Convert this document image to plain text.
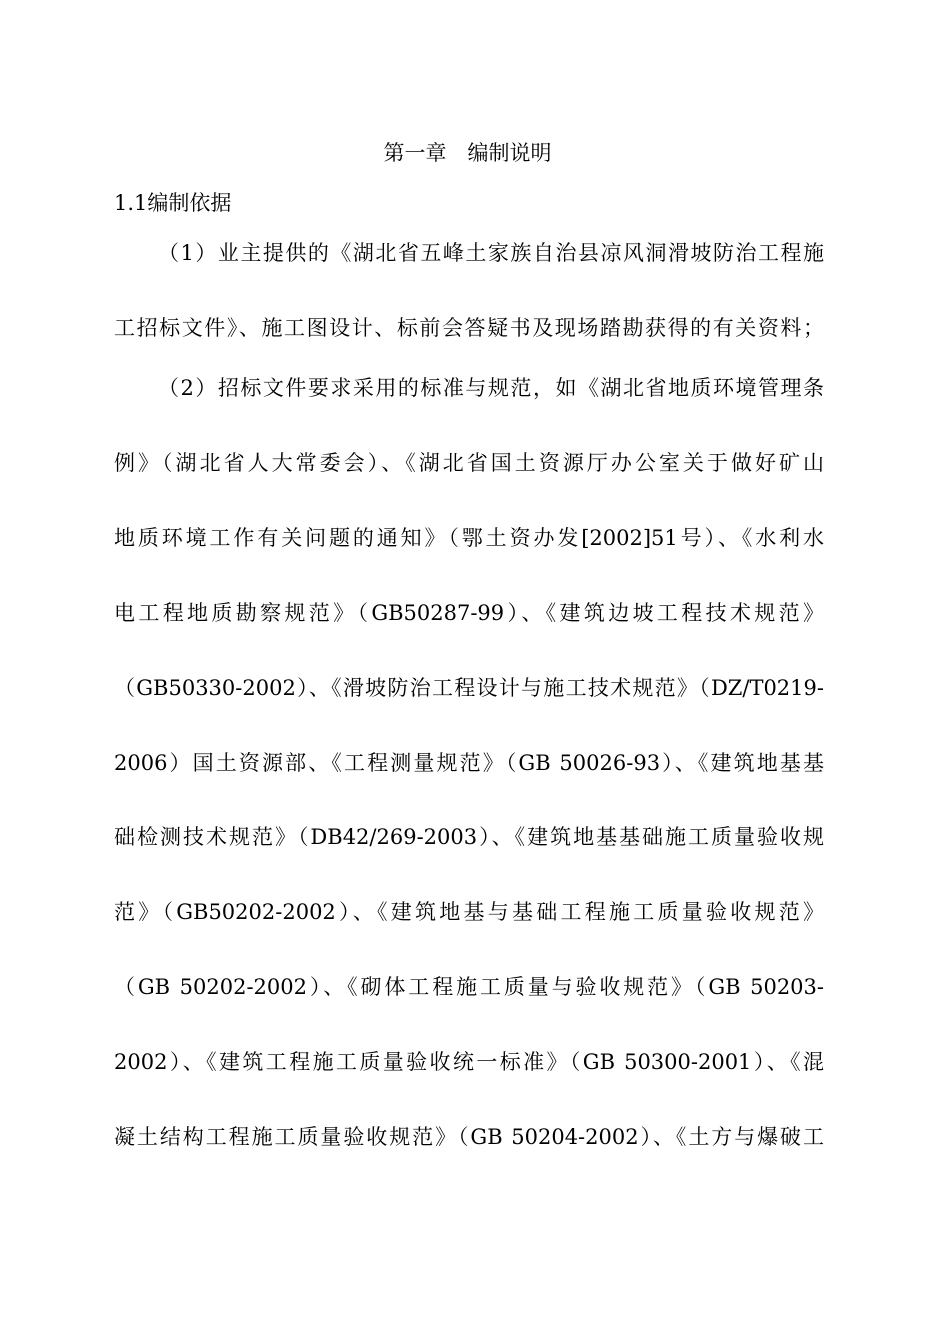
第一章　编制说明
1.1编制依据
（1）业主提供的《湖北省五峰土家族自治县凉风洞滑坡防治工程施
工招标文件》、施工图设计、标前会答疑书及现场踏勘获得的有关资料；
（2）招标文件要求采用的标准与规范，如《湖北省地质环境管理条
例》（湖北省人大常委会）、《湖北省国土资源厅办公室关于做好矿山
地质环境工作有关问题的通知》（鄂土资办发[2002]51号）、《水利水
电工程地质勘察规范》（GB50287-99）、《建筑边坡工程技术规范》
（GB50330-2002）、《滑坡防治工程设计与施工技术规范》（DZ/T0219-
2006）国土资源部、《工程测量规范》（GB 50026-93）、《建筑地基基
础检测技术规范》（DB42/269-2003）、《建筑地基基础施工质量验收规
范》（GB50202-2002）、《建筑地基与基础工程施工质量验收规范》
（GB 50202-2002）、《砌体工程施工质量与验收规范》（GB 50203-
2002）、《建筑工程施工质量验收统一标准》（GB 50300-2001）、《混
凝土结构工程施工质量验收规范》（GB 50204-2002）、《土方与爆破工
